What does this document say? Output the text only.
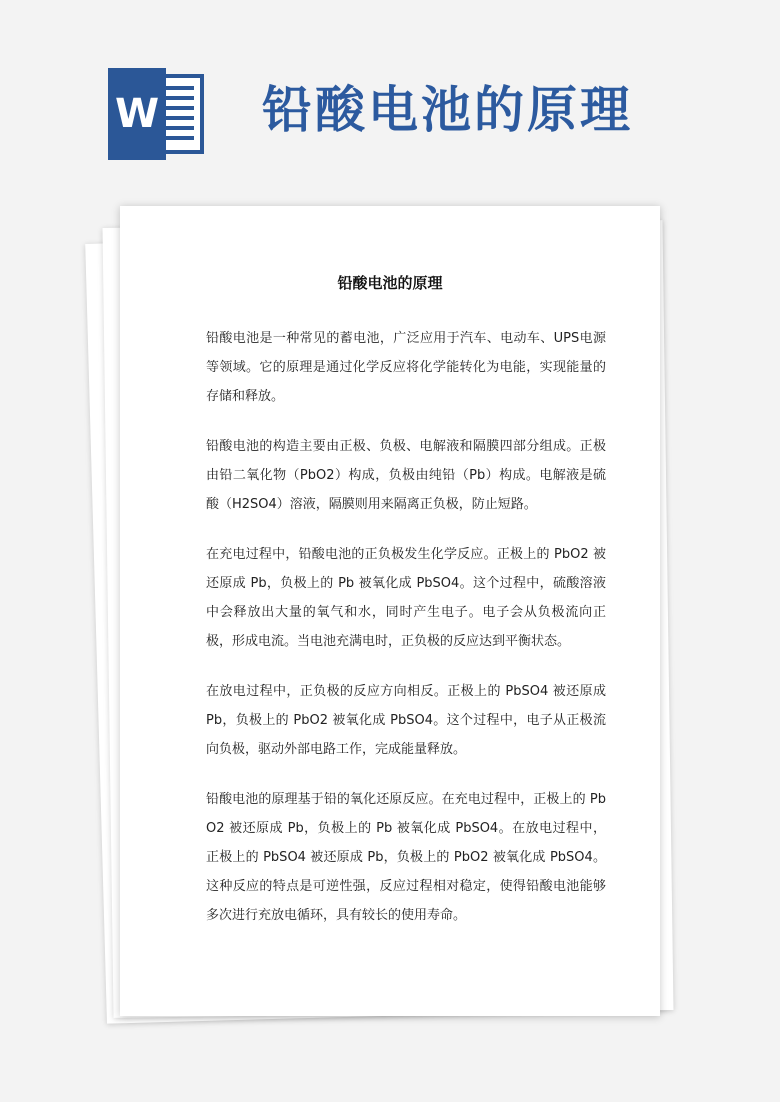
W 铅酸电池的原理
铅酸电池的原理

铅酸电池是一种常见的蓄电池，广泛应用于汽车、电动车、UPS电源等领域。它的原理是通过化学反应将化学能转化为电能，实现能量的存储和释放。

铅酸电池的构造主要由正极、负极、电解液和隔膜四部分组成。正极由铅二氧化物（PbO2）构成，负极由纯铅（Pb）构成。电解液是硫酸（H2SO4）溶液，隔膜则用来隔离正负极，防止短路。

在充电过程中，铅酸电池的正负极发生化学反应。正极上的 PbO2 被还原成 Pb，负极上的 Pb 被氧化成 PbSO4。这个过程中，硫酸溶液中会释放出大量的氧气和水，同时产生电子。电子会从负极流向正极，形成电流。当电池充满电时，正负极的反应达到平衡状态。

在放电过程中，正负极的反应方向相反。正极上的 PbSO4 被还原成 Pb，负极上的 PbO2 被氧化成 PbSO4。这个过程中，电子从正极流向负极，驱动外部电路工作，完成能量释放。

铅酸电池的原理基于铅的氧化还原反应。在充电过程中，正极上的 PbO2 被还原成 Pb，负极上的 Pb 被氧化成 PbSO4。在放电过程中，正极上的 PbSO4 被还原成 Pb，负极上的 PbO2 被氧化成 PbSO4。这种反应的特点是可逆性强，反应过程相对稳定，使得铅酸电池能够多次进行充放电循环，具有较长的使用寿命。
